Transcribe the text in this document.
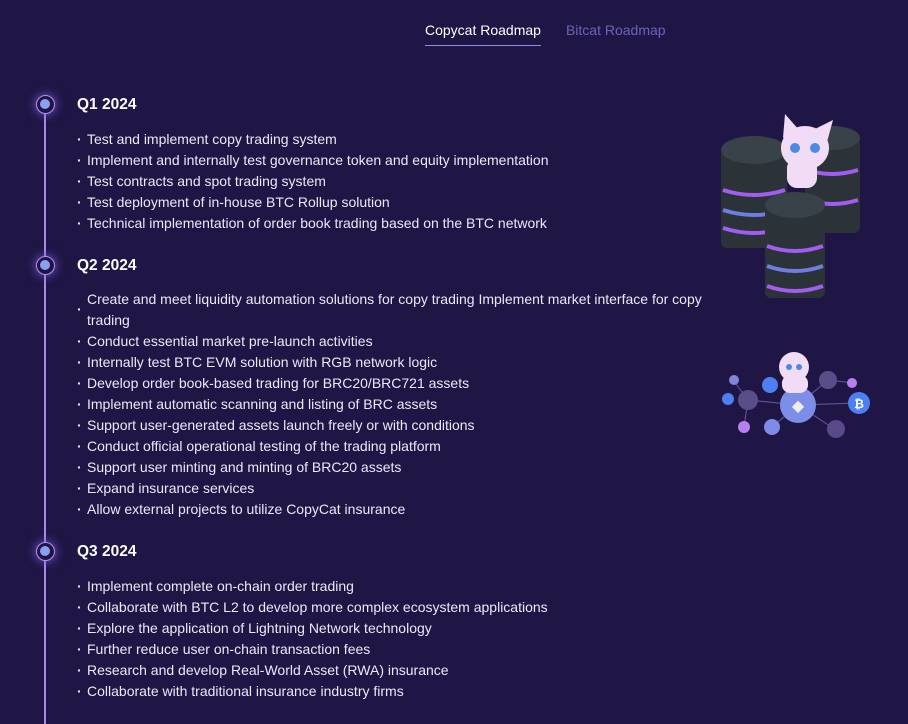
Copycat Roadmap Bitcat Roadmap
Q1 2024
· Test and implement copy trading system
· Implement and internally test governance token and equity implementation
· Test contracts and spot trading system
· Test deployment of in-house BTC Rollup solution
· Technical implementation of order book trading based on the BTC network
Q2 2024
· Create and meet liquidity automation solutions for copy trading Implement market interface for copy trading
· Conduct essential market pre-launch activities
· Internally test BTC EVM solution with RGB network logic
· Develop order book-based trading for BRC20/BRC721 assets
· Implement automatic scanning and listing of BRC assets
· Support user-generated assets launch freely or with conditions
· Conduct official operational testing of the trading platform
· Support user minting and minting of BRC20 assets
· Expand insurance services
· Allow external projects to utilize CopyCat insurance
Q3 2024
· Implement complete on-chain order trading
· Collaborate with BTC L2 to develop more complex ecosystem applications
· Explore the application of Lightning Network technology
· Further reduce user on-chain transaction fees
· Research and develop Real-World Asset (RWA) insurance
· Collaborate with traditional insurance industry firms
◆	₿
